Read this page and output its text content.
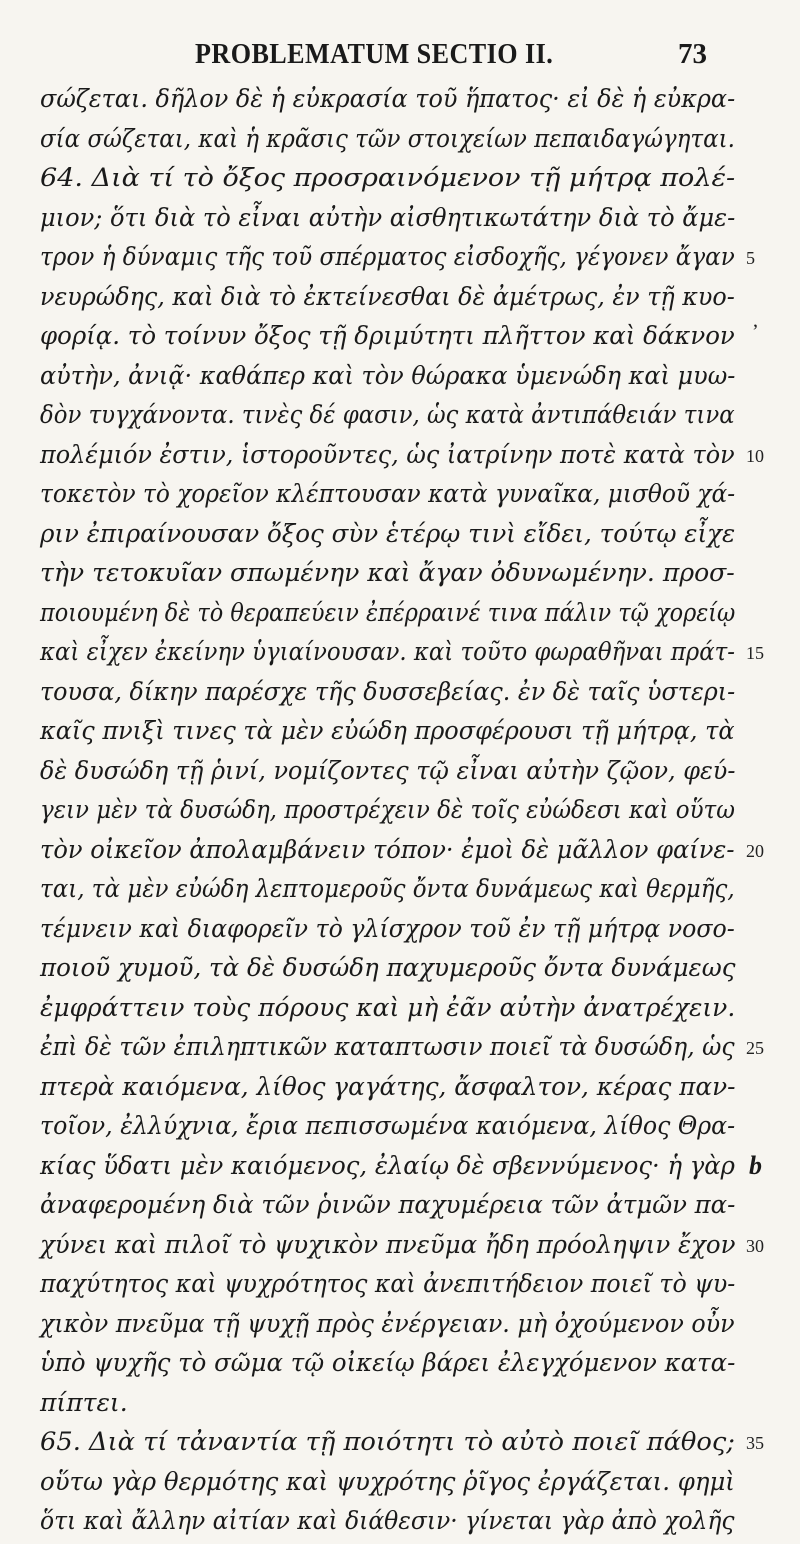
PROBLEMATUM SECTIO II.	73
σώζεται. δῆλον δὲ ἡ εὐκρασία τοῦ ἥπατος· εἰ δὲ ἡ εὐκρα-
σία σώζεται, καὶ ἡ κρᾶσις τῶν στοιχείων πεπαιδαγώγηται.
64. Διὰ τί τὸ ὄξος προσραινόμενον τῇ μήτρᾳ πολέ-
μιον; ὅτι διὰ τὸ εἶναι αὐτὴν αἰσθητικωτάτην διὰ τὸ ἄμε-
τρον ἡ δύναμις τῆς τοῦ σπέρματος εἰσδοχῆς, γέγονεν ἄγαν 5
νευρώδης, καὶ διὰ τὸ ἐκτείνεσθαι δὲ ἀμέτρως, ἐν τῇ κυο-
φορίᾳ. τὸ τοίνυν ὄξος τῇ δριμύτητι πλῆττον καὶ δάκνον ʼ
αὐτὴν, ἀνιᾷ· καθάπερ καὶ τὸν θώρακα ὑμενώδη καὶ μυω-
δὸν τυγχάνοντα. τινὲς δέ φασιν, ὡς κατὰ ἀντιπάθειάν τινα
πολέμιόν ἐστιν, ἱστοροῦντες, ὡς ἰατρίνην ποτὲ κατὰ τὸν 10
τοκετὸν τὸ χορεῖον κλέπτουσαν κατὰ γυναῖκα, μισθοῦ χά-
ριν ἐπιραίνουσαν ὄξος σὺν ἑτέρῳ τινὶ εἴδει, τούτῳ εἶχε
τὴν τετοκυῖαν σπωμένην καὶ ἄγαν ὀδυνωμένην. προσ-
ποιουμένη δὲ τὸ θεραπεύειν ἐπέρραινέ τινα πάλιν τῷ χορείῳ
καὶ εἶχεν ἐκείνην ὑγιαίνουσαν. καὶ τοῦτο φωραθῆναι πράτ- 15
τουσα, δίκην παρέσχε τῆς δυσσεβείας. ἐν δὲ ταῖς ὑστερι-
καῖς πνιξὶ τινες τὰ μὲν εὐώδη προσφέρουσι τῇ μήτρᾳ, τὰ
δὲ δυσώδη τῇ ῥινί, νομίζοντες τῷ εἶναι αὐτὴν ζῷον, φεύ-
γειν μὲν τὰ δυσώδη, προστρέχειν δὲ τοῖς εὐώδεσι καὶ οὕτω
τὸν οἰκεῖον ἀπολαμβάνειν τόπον· ἐμοὶ δὲ μᾶλλον φαίνε- 20
ται, τὰ μὲν εὐώδη λεπτομεροῦς ὄντα δυνάμεως καὶ θερμῆς,
τέμνειν καὶ διαφορεῖν τὸ γλίσχρον τοῦ ἐν τῇ μήτρᾳ νοσο-
ποιοῦ χυμοῦ, τὰ δὲ δυσώδη παχυμεροῦς ὄντα δυνάμεως
ἐμφράττειν τοὺς πόρους καὶ μὴ ἐᾶν αὐτὴν ἀνατρέχειν.
ἐπὶ δὲ τῶν ἐπιληπτικῶν καταπτωσιν ποιεῖ τὰ δυσώδη, ὡς 25
πτερὰ καιόμενα, λίθος γαγάτης, ἄσφαλτον, κέρας παν-
τοῖον, ἐλλύχνια, ἔρια πεπισσωμένα καιόμενα, λίθος Θρα-
κίας ὕδατι μὲν καιόμενος, ἐλαίῳ δὲ σβεννύμενος· ἡ γὰρ b
ἀναφερομένη διὰ τῶν ῥινῶν παχυμέρεια τῶν ἀτμῶν πα-
χύνει καὶ πιλοῖ τὸ ψυχικὸν πνεῦμα ἤδη πρόοληψιν ἔχον 30
παχύτητος καὶ ψυχρότητος καὶ ἀνεπιτήδειον ποιεῖ τὸ ψυ-
χικὸν πνεῦμα τῇ ψυχῇ πρὸς ἐνέργειαν. μὴ ὀχούμενον οὖν
ὑπὸ ψυχῆς τὸ σῶμα τῷ οἰκείῳ βάρει ἐλεγχόμενον κατα-
πίπτει.
65. Διὰ τί τἀναντία τῇ ποιότητι τὸ αὐτὸ ποιεῖ πάθος; 35
οὕτω γὰρ θερμότης καὶ ψυχρότης ῥῖγος ἐργάζεται. φημὶ
ὅτι καὶ ἄλλην αἰτίαν καὶ διάθεσιν· γίνεται γὰρ ἀπὸ χολῆς
